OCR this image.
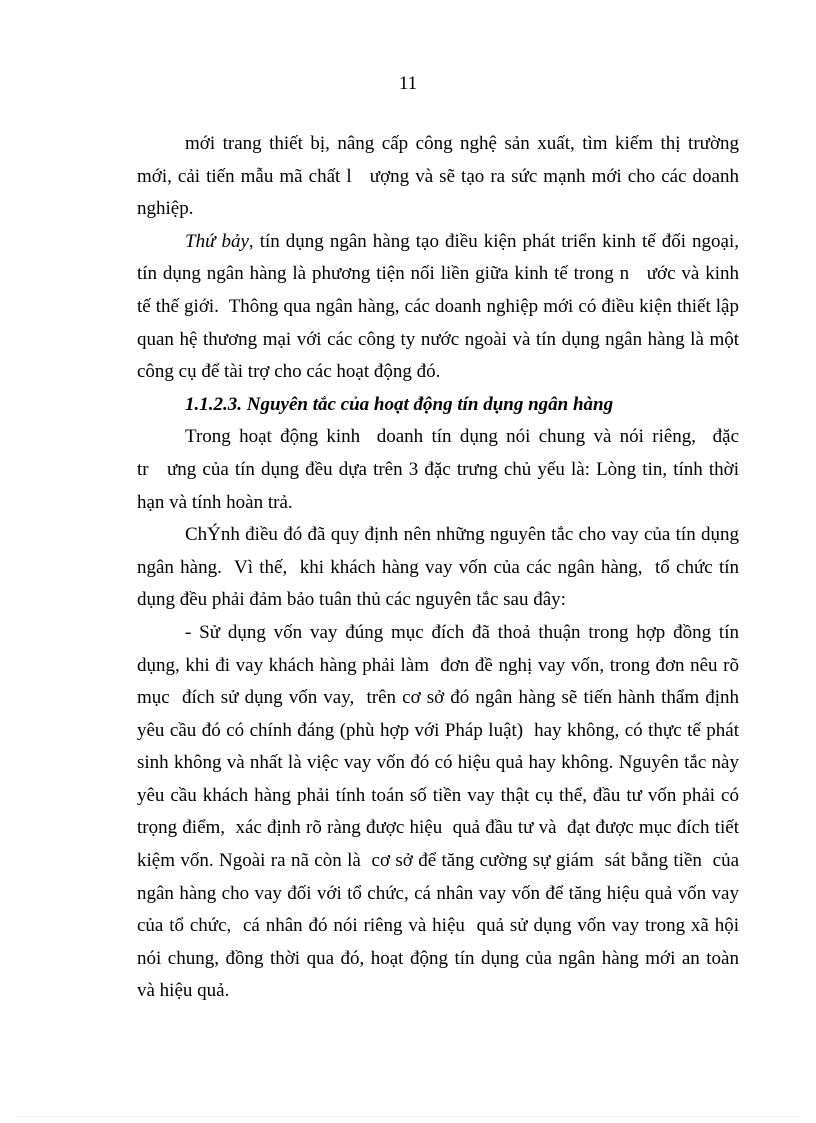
11
mới trang thiết bị, nâng cấp công nghệ sản xuất, tìm kiếm thị trường
mới, cải tiến mẫu mã chất l   ượng và sẽ tạo ra sức mạnh mới cho các doanh
nghiệp.
Thứ bảy, tín dụng ngân hàng tạo điều kiện phát triển kinh tế đối ngoại,
tín dụng ngân hàng là phương tiện nối liền giữa kinh tế trong n   ước và kinh
tế thế giới.  Thông qua ngân hàng, các doanh nghiệp mới có điều kiện thiết lập
quan hệ thương mại với các công ty nước ngoài và tín dụng ngân hàng là một
công cụ để tài trợ cho các hoạt động đó.
1.1.2.3. Nguyên tắc của hoạt động tín dụng ngân hàng
Trong hoạt động kinh  doanh tín dụng nói chung và nói riêng,  đặc
tr   ưng của tín dụng đều dựa trên 3 đặc trưng chủ yếu là: Lòng tin, tính thời
hạn và tính hoàn trả.
ChÝnh điều đó đã quy định nên những nguyên tắc cho vay của tín dụng
ngân hàng.  Vì thế,  khi khách hàng vay vốn của các ngân hàng,  tổ chức tín
dụng đều phải đảm bảo tuân thủ các nguyên tắc sau đây:
- Sử dụng vốn vay đúng mục đích đã thoả thuận trong hợp đồng tín
dụng, khi đi vay khách hàng phải làm  đơn đề nghị vay vốn, trong đơn nêu rõ
mục  đích sử dụng vốn vay,  trên cơ sở đó ngân hàng sẽ tiến hành thẩm định
yêu cầu đó có chính đáng (phù hợp với Pháp luật)  hay không, có thực tế phát
sinh không và nhất là việc vay vốn đó có hiệu quả hay không. Nguyên tắc này
yêu cầu khách hàng phải tính toán số tiền vay thật cụ thể, đầu tư vốn phải có
trọng điểm,  xác định rõ ràng được hiệu  quả đầu tư và  đạt được mục đích tiết
kiệm vốn. Ngoài ra nã còn là  cơ sở để tăng cường sự giám  sát bằng tiền  của
ngân hàng cho vay đối với tổ chức, cá nhân vay vốn để tăng hiệu quả vốn vay
của tổ chức,  cá nhân đó nói riêng và hiệu  quả sử dụng vốn vay trong xã hội
nói chung, đồng thời qua đó, hoạt động tín dụng của ngân hàng mới an toàn
và hiệu quả.
